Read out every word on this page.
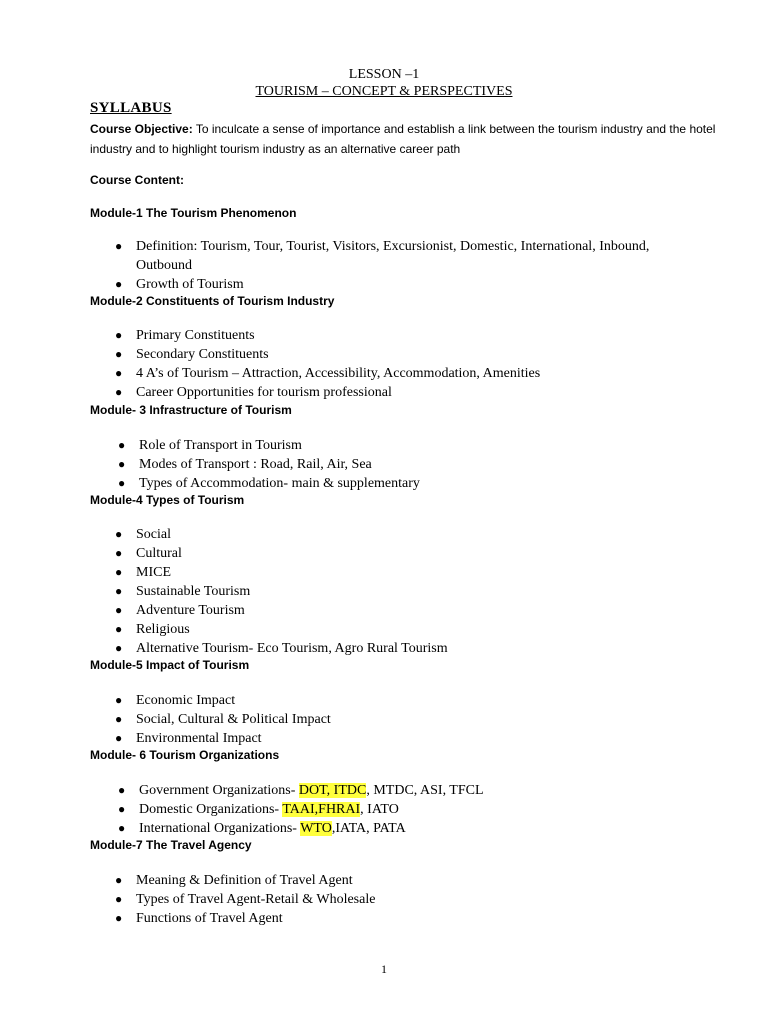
LESSON –1
TOURISM – CONCEPT & PERSPECTIVES
SYLLABUS
Course Objective: To inculcate a sense of importance and establish a link between the tourism industry and the hotel industry and to highlight tourism industry as an alternative career path
Course Content:
Module-1 The Tourism Phenomenon
● Definition: Tourism, Tour, Tourist, Visitors, Excursionist, Domestic, International, Inbound, Outbound
● Growth of Tourism
Module-2 Constituents of Tourism Industry
● Primary Constituents
● Secondary Constituents
● 4 A’s of Tourism – Attraction, Accessibility, Accommodation, Amenities
● Career Opportunities for tourism professional
Module- 3 Infrastructure of Tourism
● Role of Transport in Tourism
● Modes of Transport : Road, Rail, Air, Sea
● Types of Accommodation- main & supplementary
Module-4 Types of Tourism
● Social
● Cultural
● MICE
● Sustainable Tourism
● Adventure Tourism
● Religious
● Alternative Tourism- Eco Tourism, Agro Rural Tourism
Module-5 Impact of Tourism
● Economic Impact
● Social, Cultural & Political Impact
● Environmental Impact
Module- 6 Tourism Organizations
● Government Organizations- DOT, ITDC, MTDC, ASI, TFCL
● Domestic Organizations- TAAI,FHRAI, IATO
● International Organizations- WTO,IATA, PATA
Module-7 The Travel Agency
● Meaning & Definition of Travel Agent
● Types of Travel Agent-Retail & Wholesale
● Functions of Travel Agent
1
